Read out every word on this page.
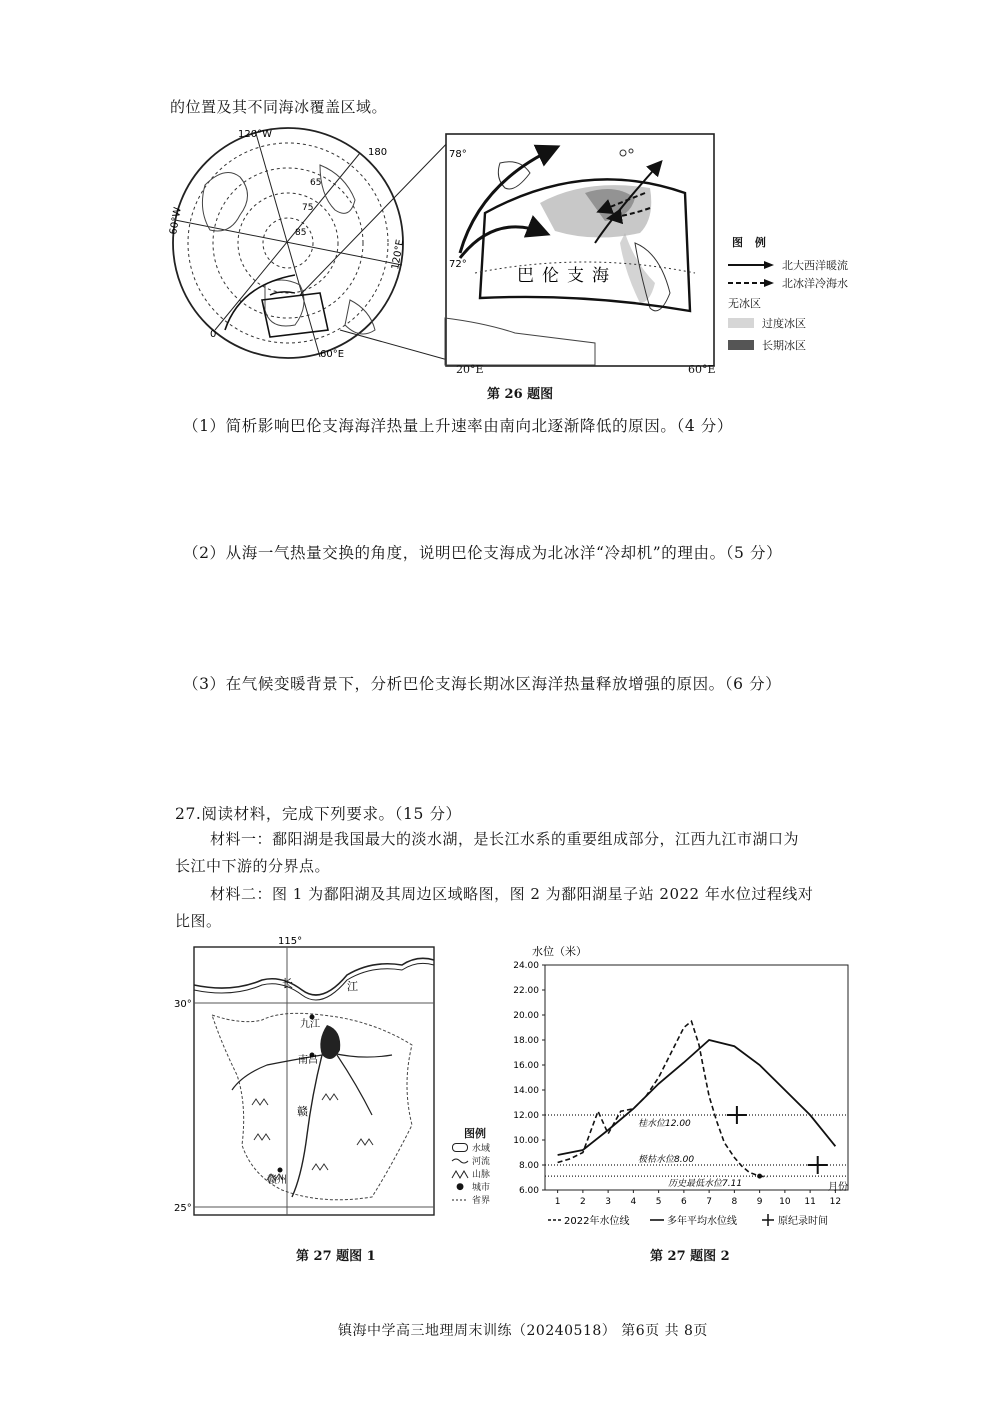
的位置及其不同海冰覆盖区域。
120°W
180
120°E
60°W
0
60°E
85
75
65
78°
72°
巴伦支海
20°E	60°E
图 例
北大西洋暖流
北冰洋冷海水
无冰区
过度冰区
长期冰区
第 26 题图
（1）简析影响巴伦支海海洋热量上升速率由南向北逐渐降低的原因。（4 分）
（2）从海一气热量交换的角度，说明巴伦支海成为北冰洋“冷却机”的理由。（5 分）
（3）在气候变暖背景下，分析巴伦支海长期冰区海洋热量释放增强的原因。（6 分）
27.阅读材料，完成下列要求。（15 分）
材料一：鄱阳湖是我国最大的淡水湖，是长江水系的重要组成部分，江西九江市湖口为
长江中下游的分界点。
材料二：图 1 为鄱阳湖及其周边区域略图，图 2 为鄱阳湖星子站 2022 年水位过程线对
比图。
115°
30°
25°
长	江
九江
南昌
赣
赣州
图例
水域
河流
山脉
● 城市
省界
第 27 题图 1
水位（米）
6.00
8.00
10.00
12.00
14.00
16.00
18.00
20.00
22.00
24.00
1 2 3 4 5 6 7 8 9 10 11 12
月份
桂水位12.00
极枯水位8.00
历史最低水位7.11
2022年水位线	多年平均水位线	原纪录时间
第 27 题图 2
镇海中学高三地理周末训练（20240518） 第6页 共 8页
